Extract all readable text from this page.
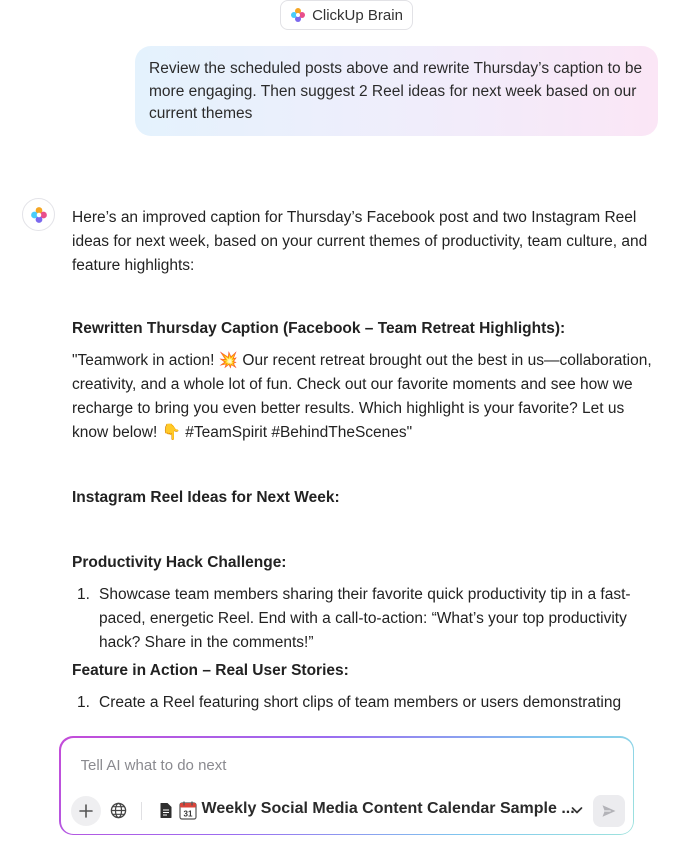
ClickUp Brain
Review the scheduled posts above and rewrite Thursday’s caption to be more engaging. Then suggest 2 Reel ideas for next week based on our current themes

Here’s an improved caption for Thursday’s Facebook post and two Instagram Reel ideas for next week, based on your current themes of productivity, team culture, and feature highlights:

Rewritten Thursday Caption (Facebook – Team Retreat Highlights):

"Teamwork in action! 💥 Our recent retreat brought out the best in us—collaboration, creativity, and a whole lot of fun. Check out our favorite moments and see how we recharge to bring you even better results. Which highlight is your favorite? Let us know below! 👇 #TeamSpirit #BehindTheScenes"

Instagram Reel Ideas for Next Week:

Productivity Hack Challenge:

1. Showcase team members sharing their favorite quick productivity tip in a fast-paced, energetic Reel. End with a call-to-action: “What’s your top productivity hack? Share in the comments!”

Feature in Action – Real User Stories:

1. Create a Reel featuring short clips of team members or users demonstrating
Tell AI what to do next
31 Weekly Social Media Content Calendar Sample ...
